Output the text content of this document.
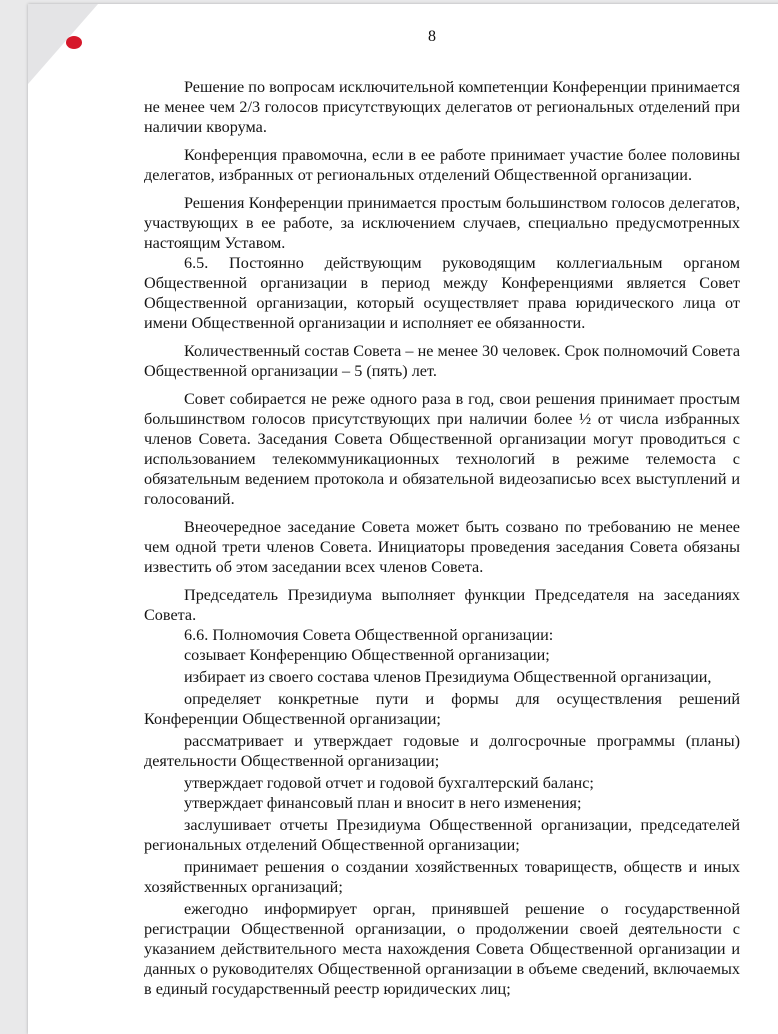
8

Решение по вопросам исключительной компетенции Конференции принимается не менее чем 2/3 голосов присутствующих делегатов от региональных отделений при наличии кворума.

Конференция правомочна, если в ее работе принимает участие более половины делегатов, избранных от региональных отделений Общественной организации.

Решения Конференции принимается простым большинством голосов делегатов, участвующих в ее работе, за исключением случаев, специально предусмотренных настоящим Уставом.

6.5. Постоянно действующим руководящим коллегиальным органом Общественной организации в период между Конференциями является Совет Общественной организации, который осуществляет права юридического лица от имени Общественной организации и исполняет ее обязанности.

Количественный состав Совета – не менее 30 человек. Срок полномочий Совета Общественной организации – 5 (пять) лет.

Совет собирается не реже одного раза в год, свои решения принимает простым большинством голосов присутствующих при наличии более ½ от числа избранных членов Совета. Заседания Совета Общественной организации могут проводиться с использованием телекоммуникационных технологий в режиме телемоста с обязательным ведением протокола и обязательной видеозаписью всех выступлений и голосований.

Внеочередное заседание Совета может быть созвано по требованию не менее чем одной трети членов Совета. Инициаторы проведения заседания Совета обязаны известить об этом заседании всех членов Совета.

Председатель Президиума выполняет функции Председателя на заседаниях Совета.

6.6. Полномочия Совета Общественной организации:

созывает Конференцию Общественной организации;

избирает из своего состава членов Президиума Общественной организации,

определяет конкретные пути и формы для осуществления решений Конференции Общественной организации;

рассматривает и утверждает годовые и долгосрочные программы (планы) деятельности Общественной организации;

утверждает годовой отчет и годовой бухгалтерский баланс;

утверждает финансовый план и вносит в него изменения;

заслушивает отчеты Президиума Общественной организации, председателей региональных отделений Общественной организации;

принимает решения о создании хозяйственных товариществ, обществ и иных хозяйственных организаций;

ежегодно информирует орган, принявшей решение о государственной регистрации Общественной организации, о продолжении своей деятельности с указанием действительного места нахождения Совета Общественной организации и данных о руководителях Общественной организации в объеме сведений, включаемых в единый государственный реестр юридических лиц;
